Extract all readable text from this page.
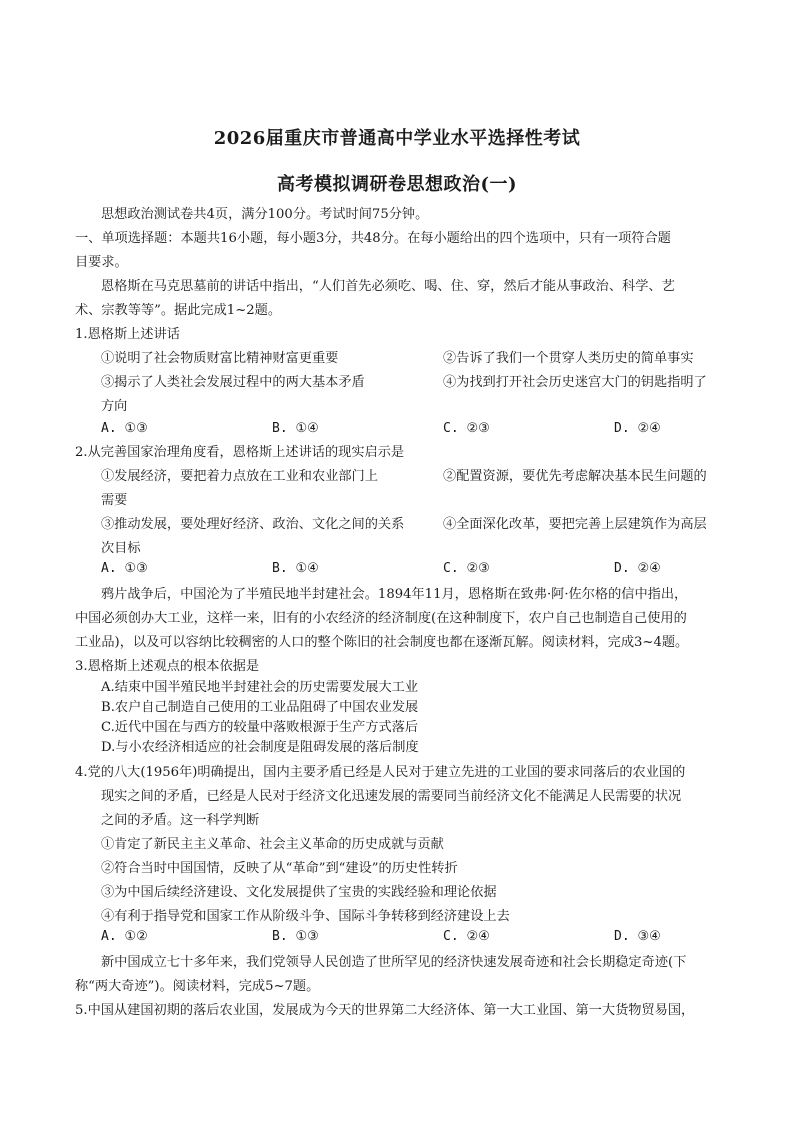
2026届重庆市普通高中学业水平选择性考试
高考模拟调研卷思想政治(一)
思想政治测试卷共4页，满分100分。考试时间75分钟。
一、单项选择题：本题共16小题，每小题3分，共48分。在每小题给出的四个选项中，只有一项符合题
目要求。
恩格斯在马克思墓前的讲话中指出，“人们首先必须吃、喝、住、穿，然后才能从事政治、科学、艺
术、宗教等等”。据此完成1~2题。
1.恩格斯上述讲话
①说明了社会物质财富比精神财富更重要	②告诉了我们一个贯穿人类历史的简单事实
③揭示了人类社会发展过程中的两大基本矛盾	④为找到打开社会历史迷宫大门的钥匙指明了
方向
A. ①③	B. ①④	C. ②③	D. ②④
2.从完善国家治理角度看，恩格斯上述讲话的现实启示是
①发展经济，要把着力点放在工业和农业部门上	②配置资源，要优先考虑解决基本民生问题的
需要
③推动发展，要处理好经济、政治、文化之间的关系	④全面深化改革，要把完善上层建筑作为高层
次目标
A. ①③	B. ①④	C. ②③	D. ②④
鸦片战争后，中国沦为了半殖民地半封建社会。1894年11月，恩格斯在致弗·阿·佐尔格的信中指出，
中国必须创办大工业，这样一来，旧有的小农经济的经济制度(在这种制度下，农户自己也制造自己使用的
工业品)，以及可以容纳比较稠密的人口的整个陈旧的社会制度也都在逐渐瓦解。阅读材料，完成3~4题。
3.恩格斯上述观点的根本依据是
A.结束中国半殖民地半封建社会的历史需要发展大工业
B.农户自己制造自己使用的工业品阻碍了中国农业发展
C.近代中国在与西方的较量中落败根源于生产方式落后
D.与小农经济相适应的社会制度是阻碍发展的落后制度
4.党的八大(1956年)明确提出，国内主要矛盾已经是人民对于建立先进的工业国的要求同落后的农业国的
现实之间的矛盾，已经是人民对于经济文化迅速发展的需要同当前经济文化不能满足人民需要的状况
之间的矛盾。这一科学判断
①肯定了新民主主义革命、社会主义革命的历史成就与贡献
②符合当时中国国情，反映了从“革命”到“建设”的历史性转折
③为中国后续经济建设、文化发展提供了宝贵的实践经验和理论依据
④有利于指导党和国家工作从阶级斗争、国际斗争转移到经济建设上去
A. ①②	B. ①③	C. ②④	D. ③④
新中国成立七十多年来，我们党领导人民创造了世所罕见的经济快速发展奇迹和社会长期稳定奇迹(下
称“两大奇迹”)。阅读材料，完成5~7题。
5.中国从建国初期的落后农业国，发展成为今天的世界第二大经济体、第一大工业国、第一大货物贸易国，
